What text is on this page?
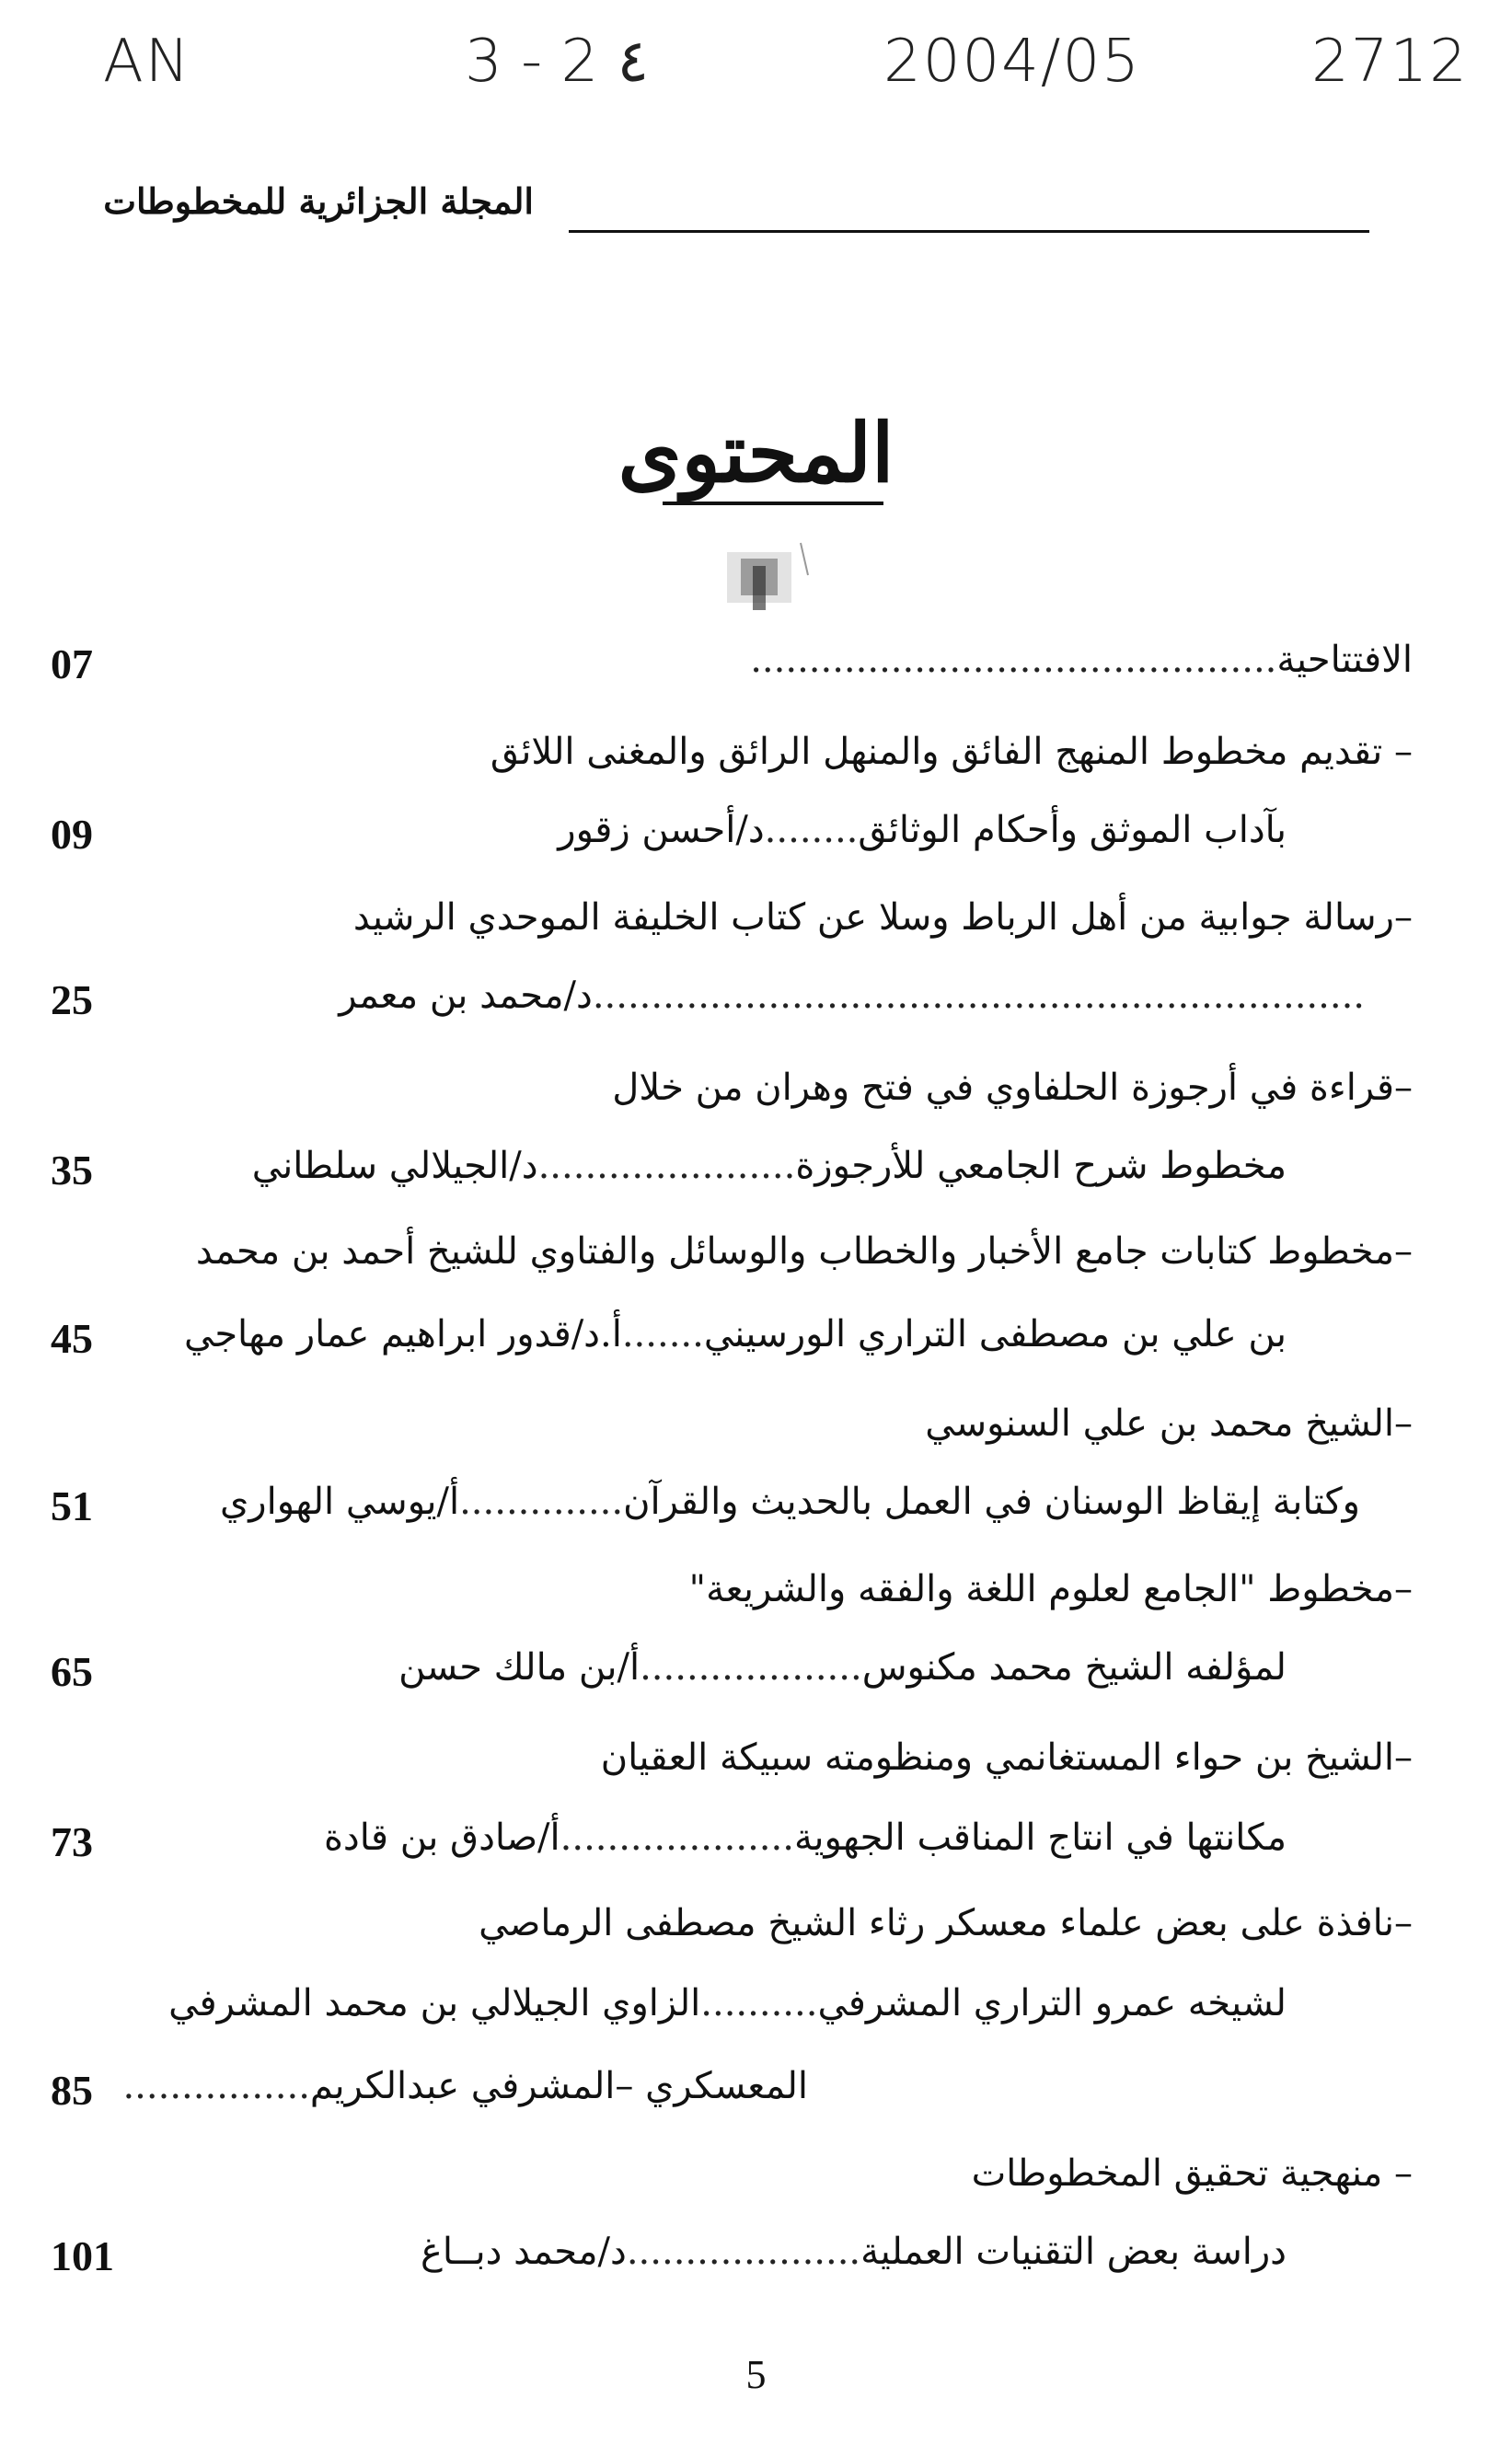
AN	3 - 2 ٤	2004/05	2712
المجلة الجزائرية للمخطوطات
المحتوى
الافتتاحية.............................................
07
– تقديم مخطوط المنهج الفائق والمنهل الرائق والمغنى اللائق
بآداب الموثق وأحكام الوثائق........د/أحسن زقور
09
–رسالة جوابية من أهل الرباط وسلا عن كتاب الخليفة الموحدي الرشيد
..................................................................د/محمد بن معمر
25
–قراءة في أرجوزة الحلفاوي في فتح وهران من خلال
مخطوط شرح الجامعي للأرجوزة......................د/الجيلالي سلطاني
35
–مخطوط كتابات جامع الأخبار والخطاب والوسائل والفتاوي للشيخ أحمد بن محمد
بن علي بن مصطفى التراري الورسيني.......أ.د/قدور ابراهيم عمار مهاجي
45
–الشيخ محمد بن علي السنوسي
وكتابة إيقاظ الوسنان في العمل بالحديث والقرآن..............أ/يوسي الهواري
51
–مخطوط "الجامع لعلوم اللغة والفقه والشريعة"
لمؤلفه الشيخ محمد مكنوس...................أ/بن مالك حسن
65
–الشيخ بن حواء المستغانمي ومنظومته سبيكة العقيان
مكانتها في انتاج المناقب الجهوية....................أ/صادق بن قادة
73
–نافذة على بعض علماء معسكر رثاء الشيخ مصطفى الرماصي
لشيخه عمرو التراري المشرفي..........الزاوي الجيلالي بن محمد المشرفي
المعسكري –المشرفي عبدالكريم................
85
– منهجية تحقيق المخطوطات
دراسة بعض التقنيات العملية....................د/محمد دبــاغ
101
5
